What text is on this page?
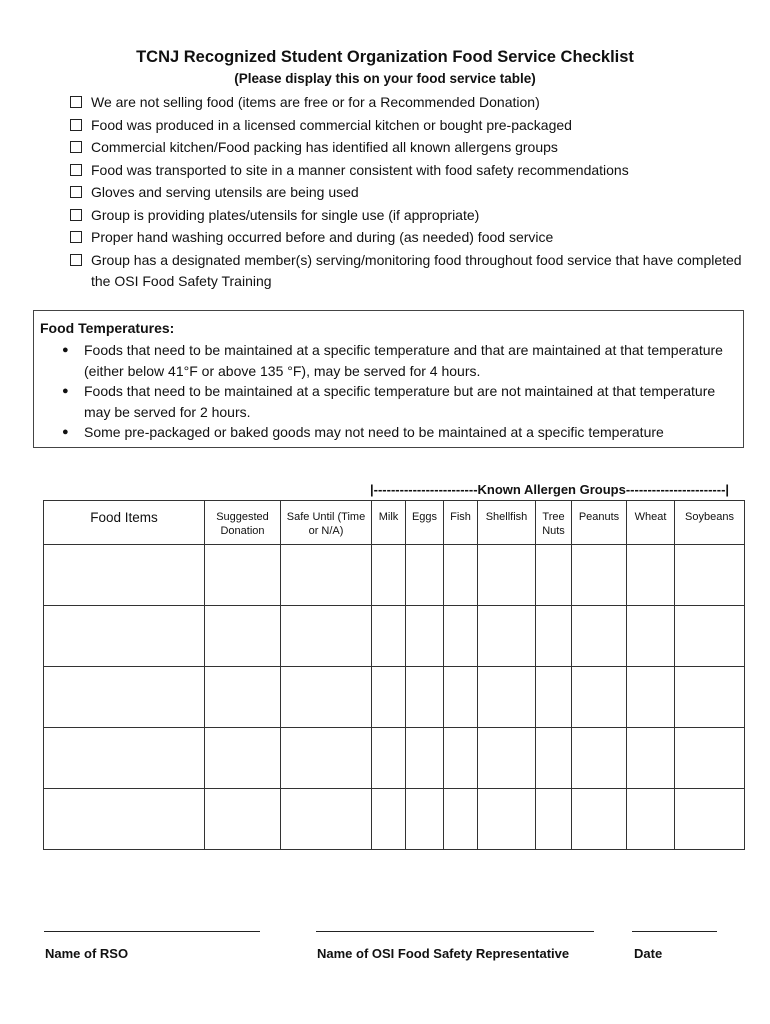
TCNJ Recognized Student Organization Food Service Checklist
(Please display this on your food service table)
We are not selling food (items are free or for a Recommended Donation)
Food was produced in a licensed commercial kitchen or bought pre-packaged
Commercial kitchen/Food packing has identified all known allergens groups
Food was transported to site in a manner consistent with food safety recommendations
Gloves and serving utensils are being used
Group is providing plates/utensils for single use (if appropriate)
Proper hand washing occurred before and during (as needed) food service
Group has a designated member(s) serving/monitoring food throughout food service that have completed the OSI Food Safety Training
Food Temperatures:
●	Foods that need to be maintained at a specific temperature and that are maintained at that temperature (either below 41°F or above 135 °F), may be served for 4 hours.
●	Foods that need to be maintained at a specific temperature but are not maintained at that temperature may be served for 2 hours.
●	Some pre-packaged or baked goods may not need to be maintained at a specific temperature
|------------------------Known Allergen Groups-----------------------|
Food Items	Suggested Donation	Safe Until (Time or N/A)	Milk	Eggs	Fish	Shellfish	Tree Nuts	Peanuts	Wheat	Soybeans

Name of RSO	Name of OSI Food Safety Representative	Date
